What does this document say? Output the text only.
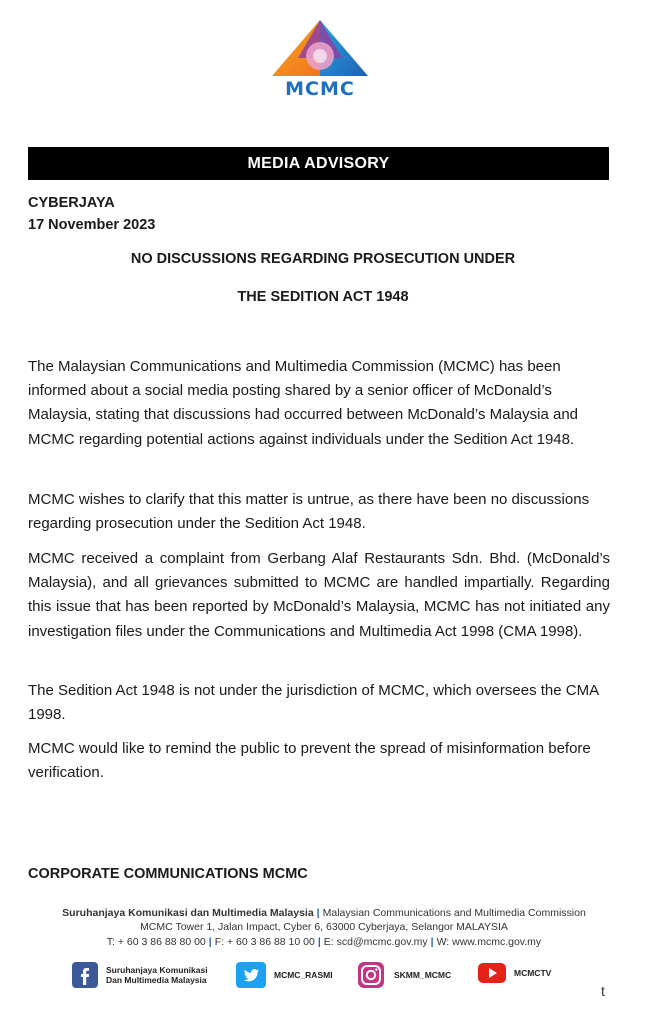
MCMC
MEDIA ADVISORY
CYBERJAYA
17 November 2023
NO DISCUSSIONS REGARDING PROSECUTION UNDER
THE SEDITION ACT 1948

The Malaysian Communications and Multimedia Commission (MCMC) has been informed about a social media posting shared by a senior officer of McDonald’s Malaysia, stating that discussions had occurred between McDonald’s Malaysia and MCMC regarding potential actions against individuals under the Sedition Act 1948.

MCMC wishes to clarify that this matter is untrue, as there have been no discussions regarding prosecution under the Sedition Act 1948.

MCMC received a complaint from Gerbang Alaf Restaurants Sdn. Bhd. (McDonald’s Malaysia), and all grievances submitted to MCMC are handled impartially. Regarding this issue that has been reported by McDonald’s Malaysia, MCMC has not initiated any investigation files under the Communications and Multimedia Act 1998 (CMA 1998).

The Sedition Act 1948 is not under the jurisdiction of MCMC, which oversees the CMA 1998.

MCMC would like to remind the public to prevent the spread of misinformation before verification.

CORPORATE COMMUNICATIONS MCMC
Suruhanjaya Komunikasi dan Multimedia Malaysia | Malaysian Communications and Multimedia Commission
MCMC Tower 1, Jalan Impact, Cyber 6, 63000 Cyberjaya, Selangor MALAYSIA
T: + 60 3 86 88 80 00 | F: + 60 3 86 88 10 00 | E: scd@mcmc.gov.my | W: www.mcmc.gov.my
Suruhanjaya Komunikasi
Dan Multimedia Malaysia	MCMC_RASMI	SKMM_MCMC	MCMCTV
t
